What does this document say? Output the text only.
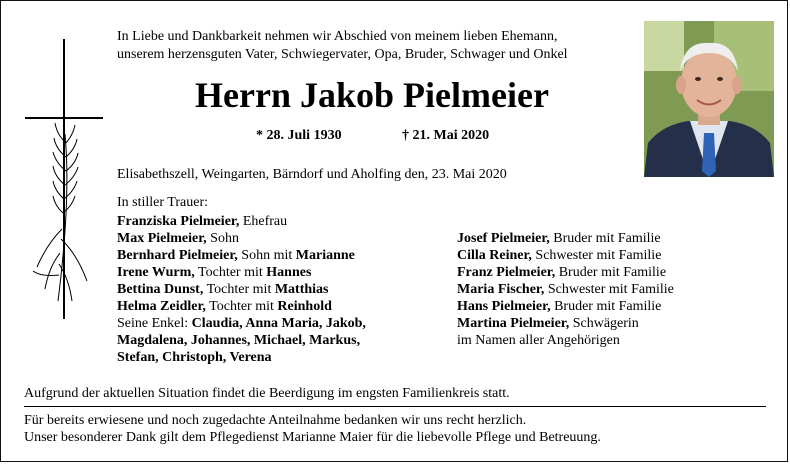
In Liebe und Dankbarkeit nehmen wir Abschied von meinem lieben Ehemann,
unserem herzensguten Vater, Schwiegervater, Opa, Bruder, Schwager und Onkel
Herrn Jakob Pielmeier
* 28. Juli 1930	† 21. Mai 2020
Elisabethszell, Weingarten, Bärndorf und Aholfing den, 23. Mai 2020
In stiller Trauer:
Franziska Pielmeier, Ehefrau
Max Pielmeier, Sohn
Bernhard Pielmeier, Sohn mit Marianne
Irene Wurm, Tochter mit Hannes
Bettina Dunst, Tochter mit Matthias
Helma Zeidler, Tochter mit Reinhold
Seine Enkel: Claudia, Anna Maria, Jakob,
Magdalena, Johannes, Michael, Markus,
Stefan, Christoph, Verena
Josef Pielmeier, Bruder mit Familie
Cilla Reiner, Schwester mit Familie
Franz Pielmeier, Bruder mit Familie
Maria Fischer, Schwester mit Familie
Hans Pielmeier, Bruder mit Familie
Martina Pielmeier, Schwägerin
im Namen aller Angehörigen
Aufgrund der aktuellen Situation findet die Beerdigung im engsten Familienkreis statt.
Für bereits erwiesene und noch zugedachte Anteilnahme bedanken wir uns recht herzlich.
Unser besonderer Dank gilt dem Pflegedienst Marianne Maier für die liebevolle Pflege und Betreuung.
